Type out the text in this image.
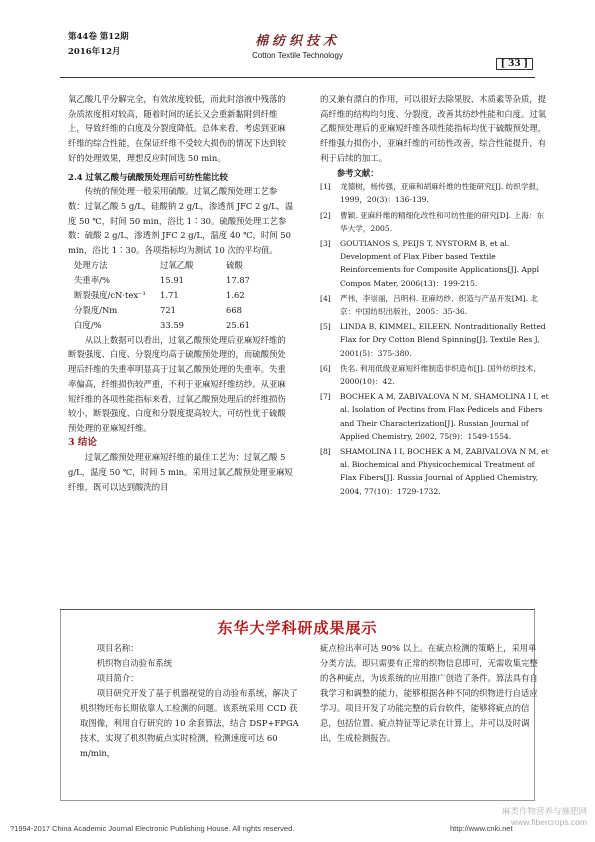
第44卷 第12期
2016年12月
棉纺织技术
Cotton Textile Technology
[ 33 ]

氧乙酸几乎分解完全，有效浓度较低，而此时溶液中残落的杂质浓度相对较高，随着时间的延长又会重新黏附到纤维上，导致纤维的白度及分裂度降低。总体来看，考虑到亚麻纤维的综合性能，在保证纤维不受较大损伤的情况下达到较好的处理效果，理想反应时间选 50 min。

2.4 过氧乙酸与硫酸预处理后可纺性能比较

传统的预处理一般采用硫酸。过氧乙酸预处理工艺参数：过氧乙酸 5 g/L，硅酸钠 2 g/L，渗透剂 JFC 2 g/L，温度 50 ℃，时间 50 min，浴比 1∶30。硫酸预处理工艺参数：硫酸 2 g/L，渗透剂 JFC 2 g/L，温度 40 ℃，时间 50 min，浴比 1∶30。各项指标均为测试 10 次的平均值。

处理方法	过氧乙酸	硫酸
失重率/%	15.91	17.87
断裂强度/cN·tex⁻¹	1.71	1.62
分裂度/Nm	721	668
白度/%	33.59	25.61

从以上数据可以看出，过氧乙酸预处理后亚麻短纤维的断裂强度、白度、分裂度均高于硫酸预处理的，而硫酸预处理后纤维的失重率明显高于过氧乙酸预处理的失重率。失重率偏高，纤维损伤较严重，不利于亚麻短纤维纺纱。从亚麻短纤维的各项性能指标来看，过氧乙酸预处理后的纤维损伤较小，断裂强度、白度和分裂度提高较大，可纺性优于硫酸预处理的亚麻短纤维。

3 结论

过氧乙酸预处理亚麻短纤维的最佳工艺为：过氧乙酸 5 g/L，温度 50 ℃，时间 5 min。采用过氧乙酸预处理亚麻短纤维，既可以达到酸洗的目

的又兼有漂白的作用，可以很好去除果胶、木质素等杂质，提高纤维的结构均匀度、分裂度，改善其纺纱性能和白度。过氧乙酸预处理后的亚麻短纤维各项性能指标均优于硫酸预处理，纤维强力损伤小，亚麻纤维的可纺性改善，综合性能提升，有利于后续的加工。

参考文献：

[1]	龙德树，杨传强，亚麻和胡麻纤维的性能研究[J]. 纺织学报，1999，20(3)：136-139.
[2]	曹颖. 亚麻纤维的精细化改性和可纺性能的研究[D]. 上海：东华大学，2005.
[3]	GOUTIANOS S, PEIJS T, NYSTORM B, et al. Development of Flax Fiber based Textile Reinforcements for Composite Applications[J]. Appl Compos Mater, 2006(13)：199-215.
[4]	严伟，李崇丽，吕明科. 亚麻纺纱、织造与产品开发[M]. 北京：中国纺织出版社，2005：35-36.
[5]	LINDA B, KIMMEL, EILEEN. Nontraditionally Retted Flax for Dry Cotton Blend Spinning[J]. Textile Res J, 2001(5)：375-380.
[6]	佚名. 利用低级亚麻短纤维制造非织造布[J]. 国外纺织技术，2000(10)：42.
[7]	BOCHEK A M, ZABIVALOVA N M, SHAMOLINA I I, et al. Isolation of Pectins from Flax Pedicels and Fibers and Their Characterization[J]. Russian Journal of Applied Chemistry, 2002, 75(9)：1549-1554.
[8]	SHAMOLINA I I, BOCHEK A M, ZABIVALOVA N M, et al. Biochemical and Physicochemical Treatment of Flax Fibers[J]. Russia Journal of Applied Chemistry, 2004, 77(10)：1729-1732.
东华大学科研成果展示

项目名称：

机织物自动验布系统

项目简介：

项目研究开发了基于机器视觉的自动验布系统，解决了机织物坯布长期依靠人工检测的问题。该系统采用 CCD 获取图像，利用自行研究的 10 余套算法，结合 DSP+FPGA 技术，实现了机织物疵点实时检测，检测速度可达 60 m/min，

疵点检出率可达 90% 以上。在疵点检测的策略上，采用单分类方法，即只需要有正常的织物信息即可，无需收集完整的各种疵点，为该系统的应用推广创造了条件。算法具有自我学习和调整的能力，能够根据各种不同的织物进行自适应学习。项目开发了功能完整的后台软件，能够将疵点的信息，包括位置、疵点特征等记录在计算上，并可以及时调出，生成检测报告。

麻类作物营养与施肥网
www.fibercrops.com
?1994-2017 China Academic Journal Electronic Publishing House. All rights reserved.	http://www.cnki.net
